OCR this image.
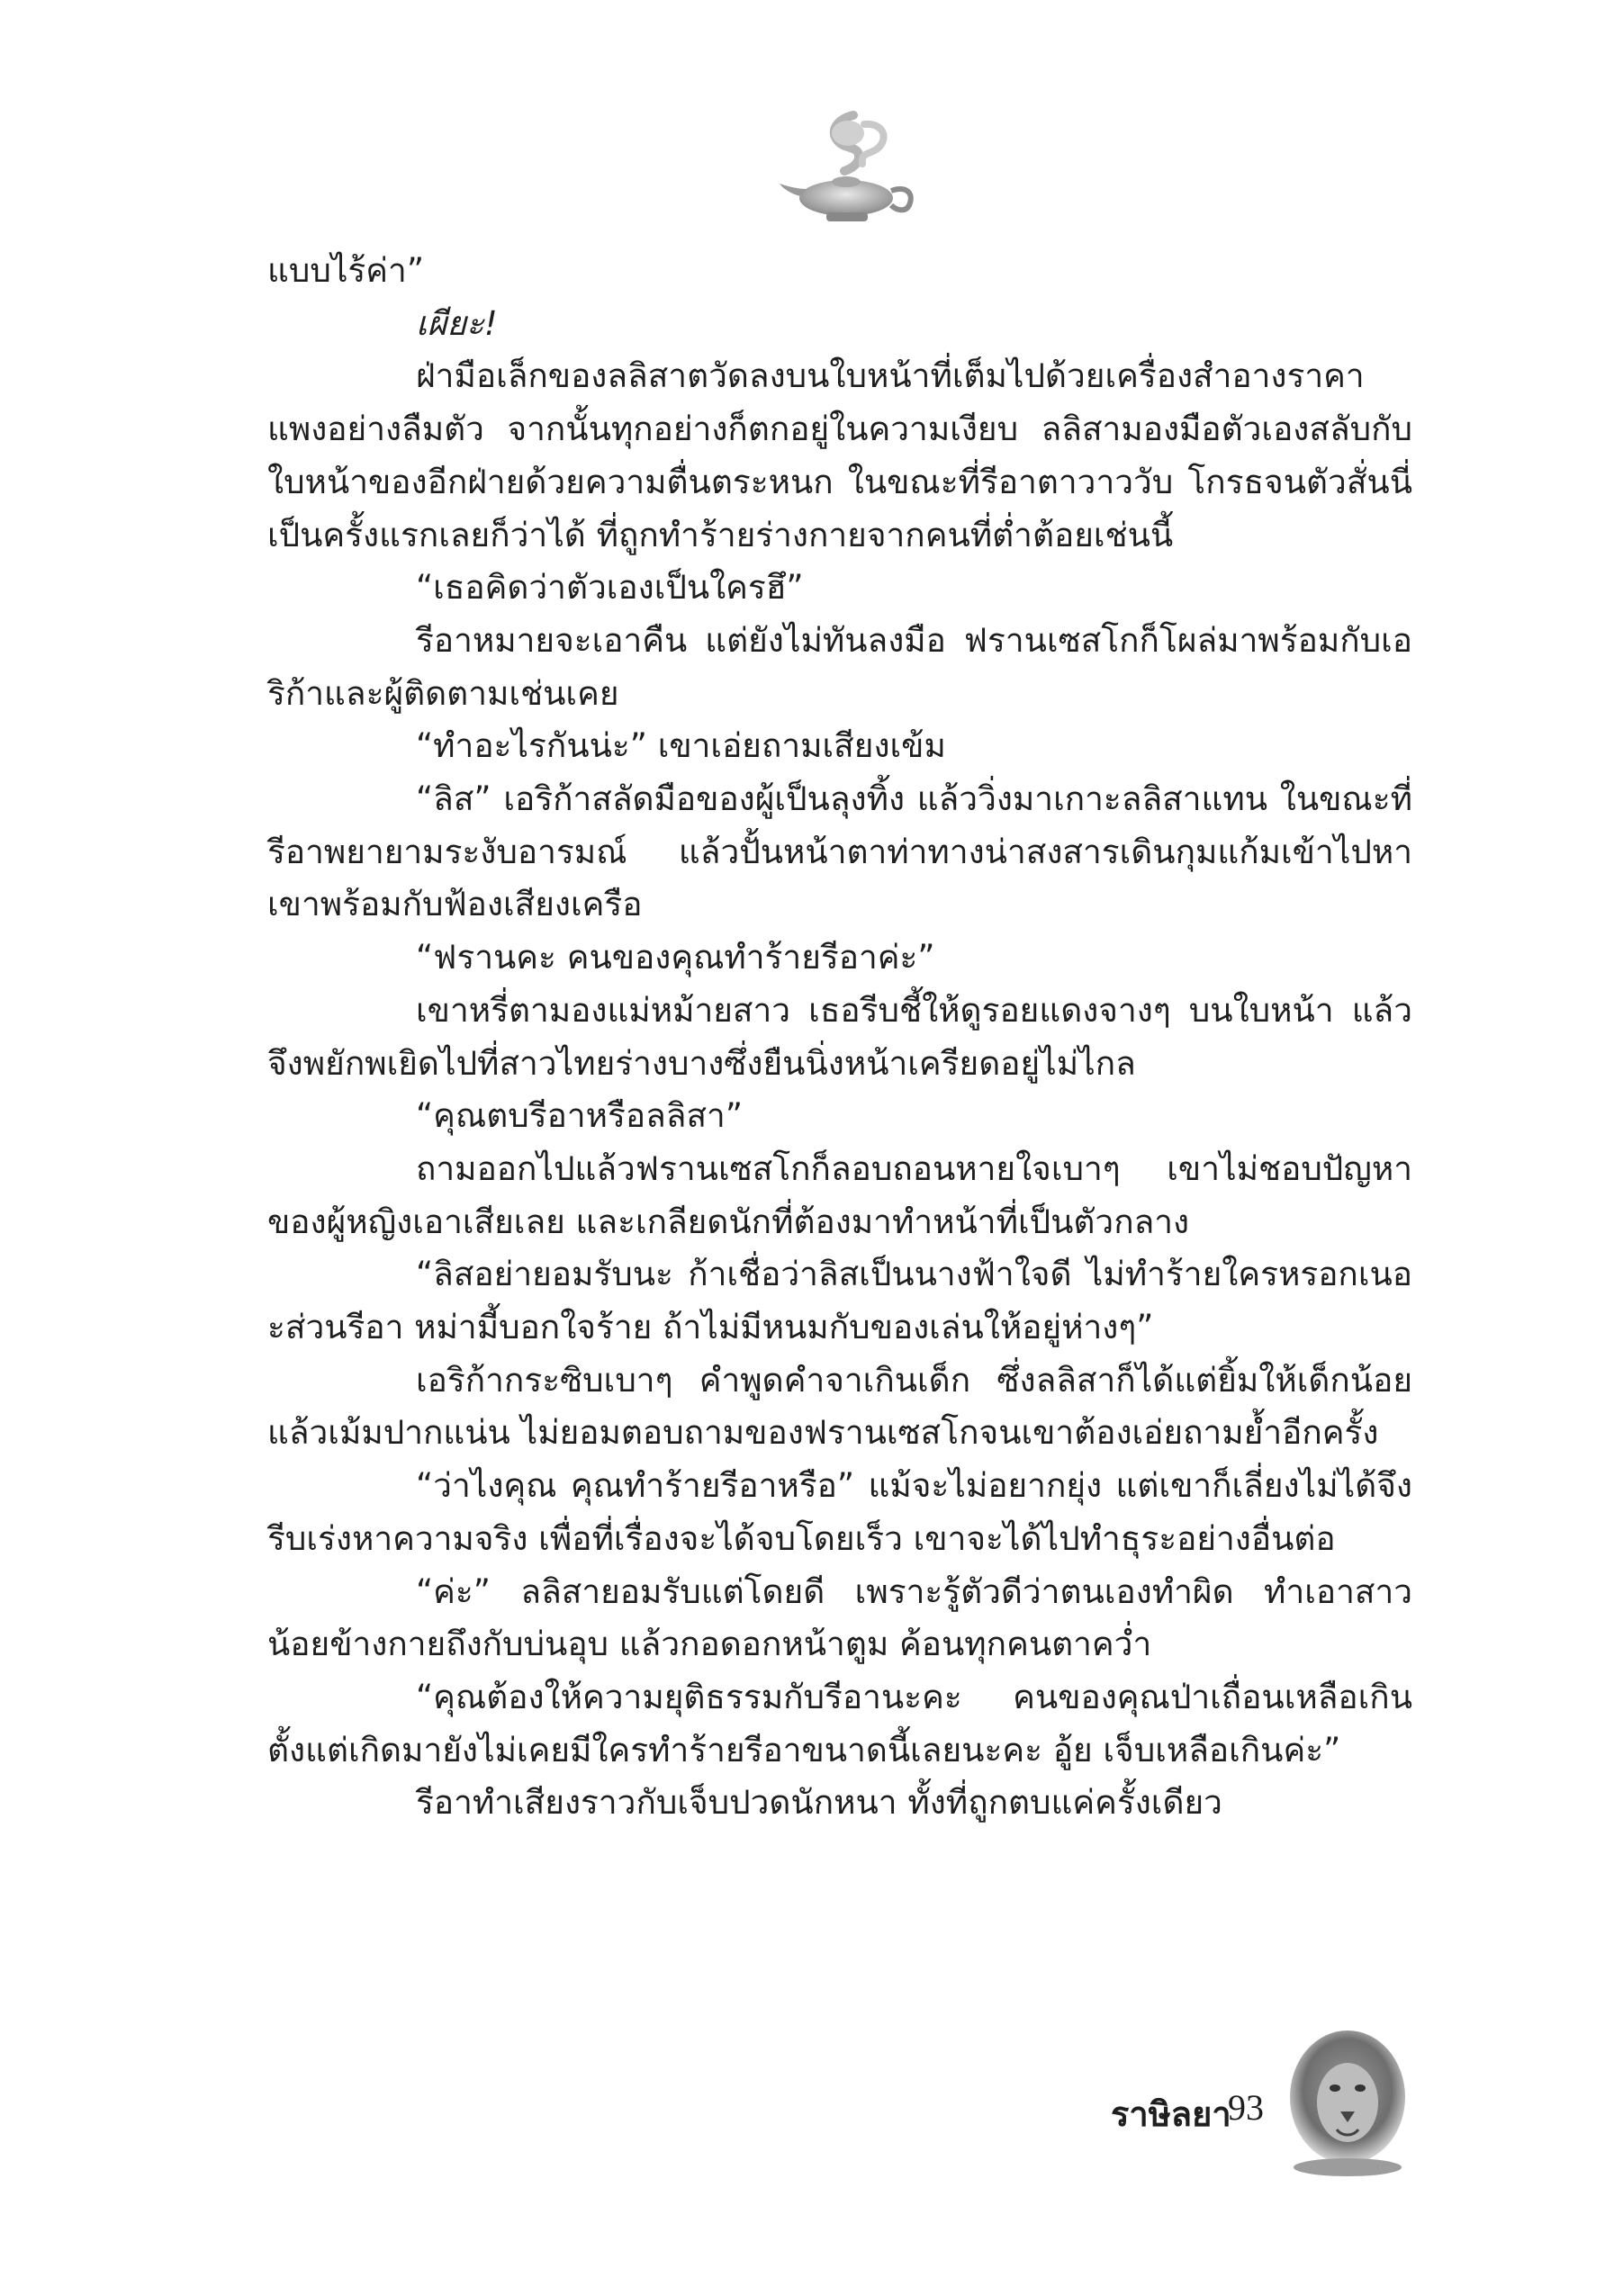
แบบไร้ค่า”

เผียะ!

ฝ่ามือเล็กของลลิสาตวัดลงบนใบหน้าที่เต็มไปด้วยเครื่องสำอางราคาแพงอย่างลืมตัว จากนั้นทุกอย่างก็ตกอยู่ในความเงียบ ลลิสามองมือตัวเองสลับกับใบหน้าของอีกฝ่ายด้วยความตื่นตระหนก ในขณะที่รีอาตาวาววับ โกรธจนตัวสั่นนี่เป็นครั้งแรกเลยก็ว่าได้ ที่ถูกทำร้ายร่างกายจากคนที่ต่ำต้อยเช่นนี้

“เธอคิดว่าตัวเองเป็นใครฮึ”

รีอาหมายจะเอาคืน แต่ยังไม่ทันลงมือ ฟรานเซสโกก็โผล่มาพร้อมกับเอริก้าและผู้ติดตามเช่นเคย

“ทำอะไรกันน่ะ” เขาเอ่ยถามเสียงเข้ม

“ลิส” เอริก้าสลัดมือของผู้เป็นลุงทิ้ง แล้ววิ่งมาเกาะลลิสาแทน ในขณะที่รีอาพยายามระงับอารมณ์ แล้วปั้นหน้าตาท่าทางน่าสงสารเดินกุมแก้มเข้าไปหาเขาพร้อมกับฟ้องเสียงเครือ

“ฟรานคะ คนของคุณทำร้ายรีอาค่ะ”

เขาหรี่ตามองแม่หม้ายสาว เธอรีบชี้ให้ดูรอยแดงจางๆ บนใบหน้า แล้วจึงพยักพเยิดไปที่สาวไทยร่างบางซึ่งยืนนิ่งหน้าเครียดอยู่ไม่ไกล

“คุณตบรีอาหรือลลิสา”

ถามออกไปแล้วฟรานเซสโกก็ลอบถอนหายใจเบาๆ เขาไม่ชอบปัญหาของผู้หญิงเอาเสียเลย และเกลียดนักที่ต้องมาทำหน้าที่เป็นตัวกลาง

“ลิสอย่ายอมรับนะ ก้าเชื่อว่าลิสเป็นนางฟ้าใจดี ไม่ทำร้ายใครหรอกเนอะส่วนรีอา หม่ามี้บอกใจร้าย ถ้าไม่มีหนมกับของเล่นให้อยู่ห่างๆ”

เอริก้ากระซิบเบาๆ คำพูดคำจาเกินเด็ก ซึ่งลลิสาก็ได้แต่ยิ้มให้เด็กน้อยแล้วเม้มปากแน่น ไม่ยอมตอบถามของฟรานเซสโกจนเขาต้องเอ่ยถามย้ำอีกครั้ง

“ว่าไงคุณ คุณทำร้ายรีอาหรือ” แม้จะไม่อยากยุ่ง แต่เขาก็เลี่ยงไม่ได้จึงรีบเร่งหาความจริง เพื่อที่เรื่องจะได้จบโดยเร็ว เขาจะได้ไปทำธุระอย่างอื่นต่อ

“ค่ะ” ลลิสายอมรับแต่โดยดี เพราะรู้ตัวดีว่าตนเองทำผิด ทำเอาสาวน้อยข้างกายถึงกับบ่นอุบ แล้วกอดอกหน้าตูม ค้อนทุกคนตาคว่ำ

“คุณต้องให้ความยุติธรรมกับรีอานะคะ คนของคุณป่าเถื่อนเหลือเกินตั้งแต่เกิดมายังไม่เคยมีใครทำร้ายรีอาขนาดนี้เลยนะคะ อู้ย เจ็บเหลือเกินค่ะ”

รีอาทำเสียงราวกับเจ็บปวดนักหนา ทั้งที่ถูกตบแค่ครั้งเดียว

ราษิลยา
93
